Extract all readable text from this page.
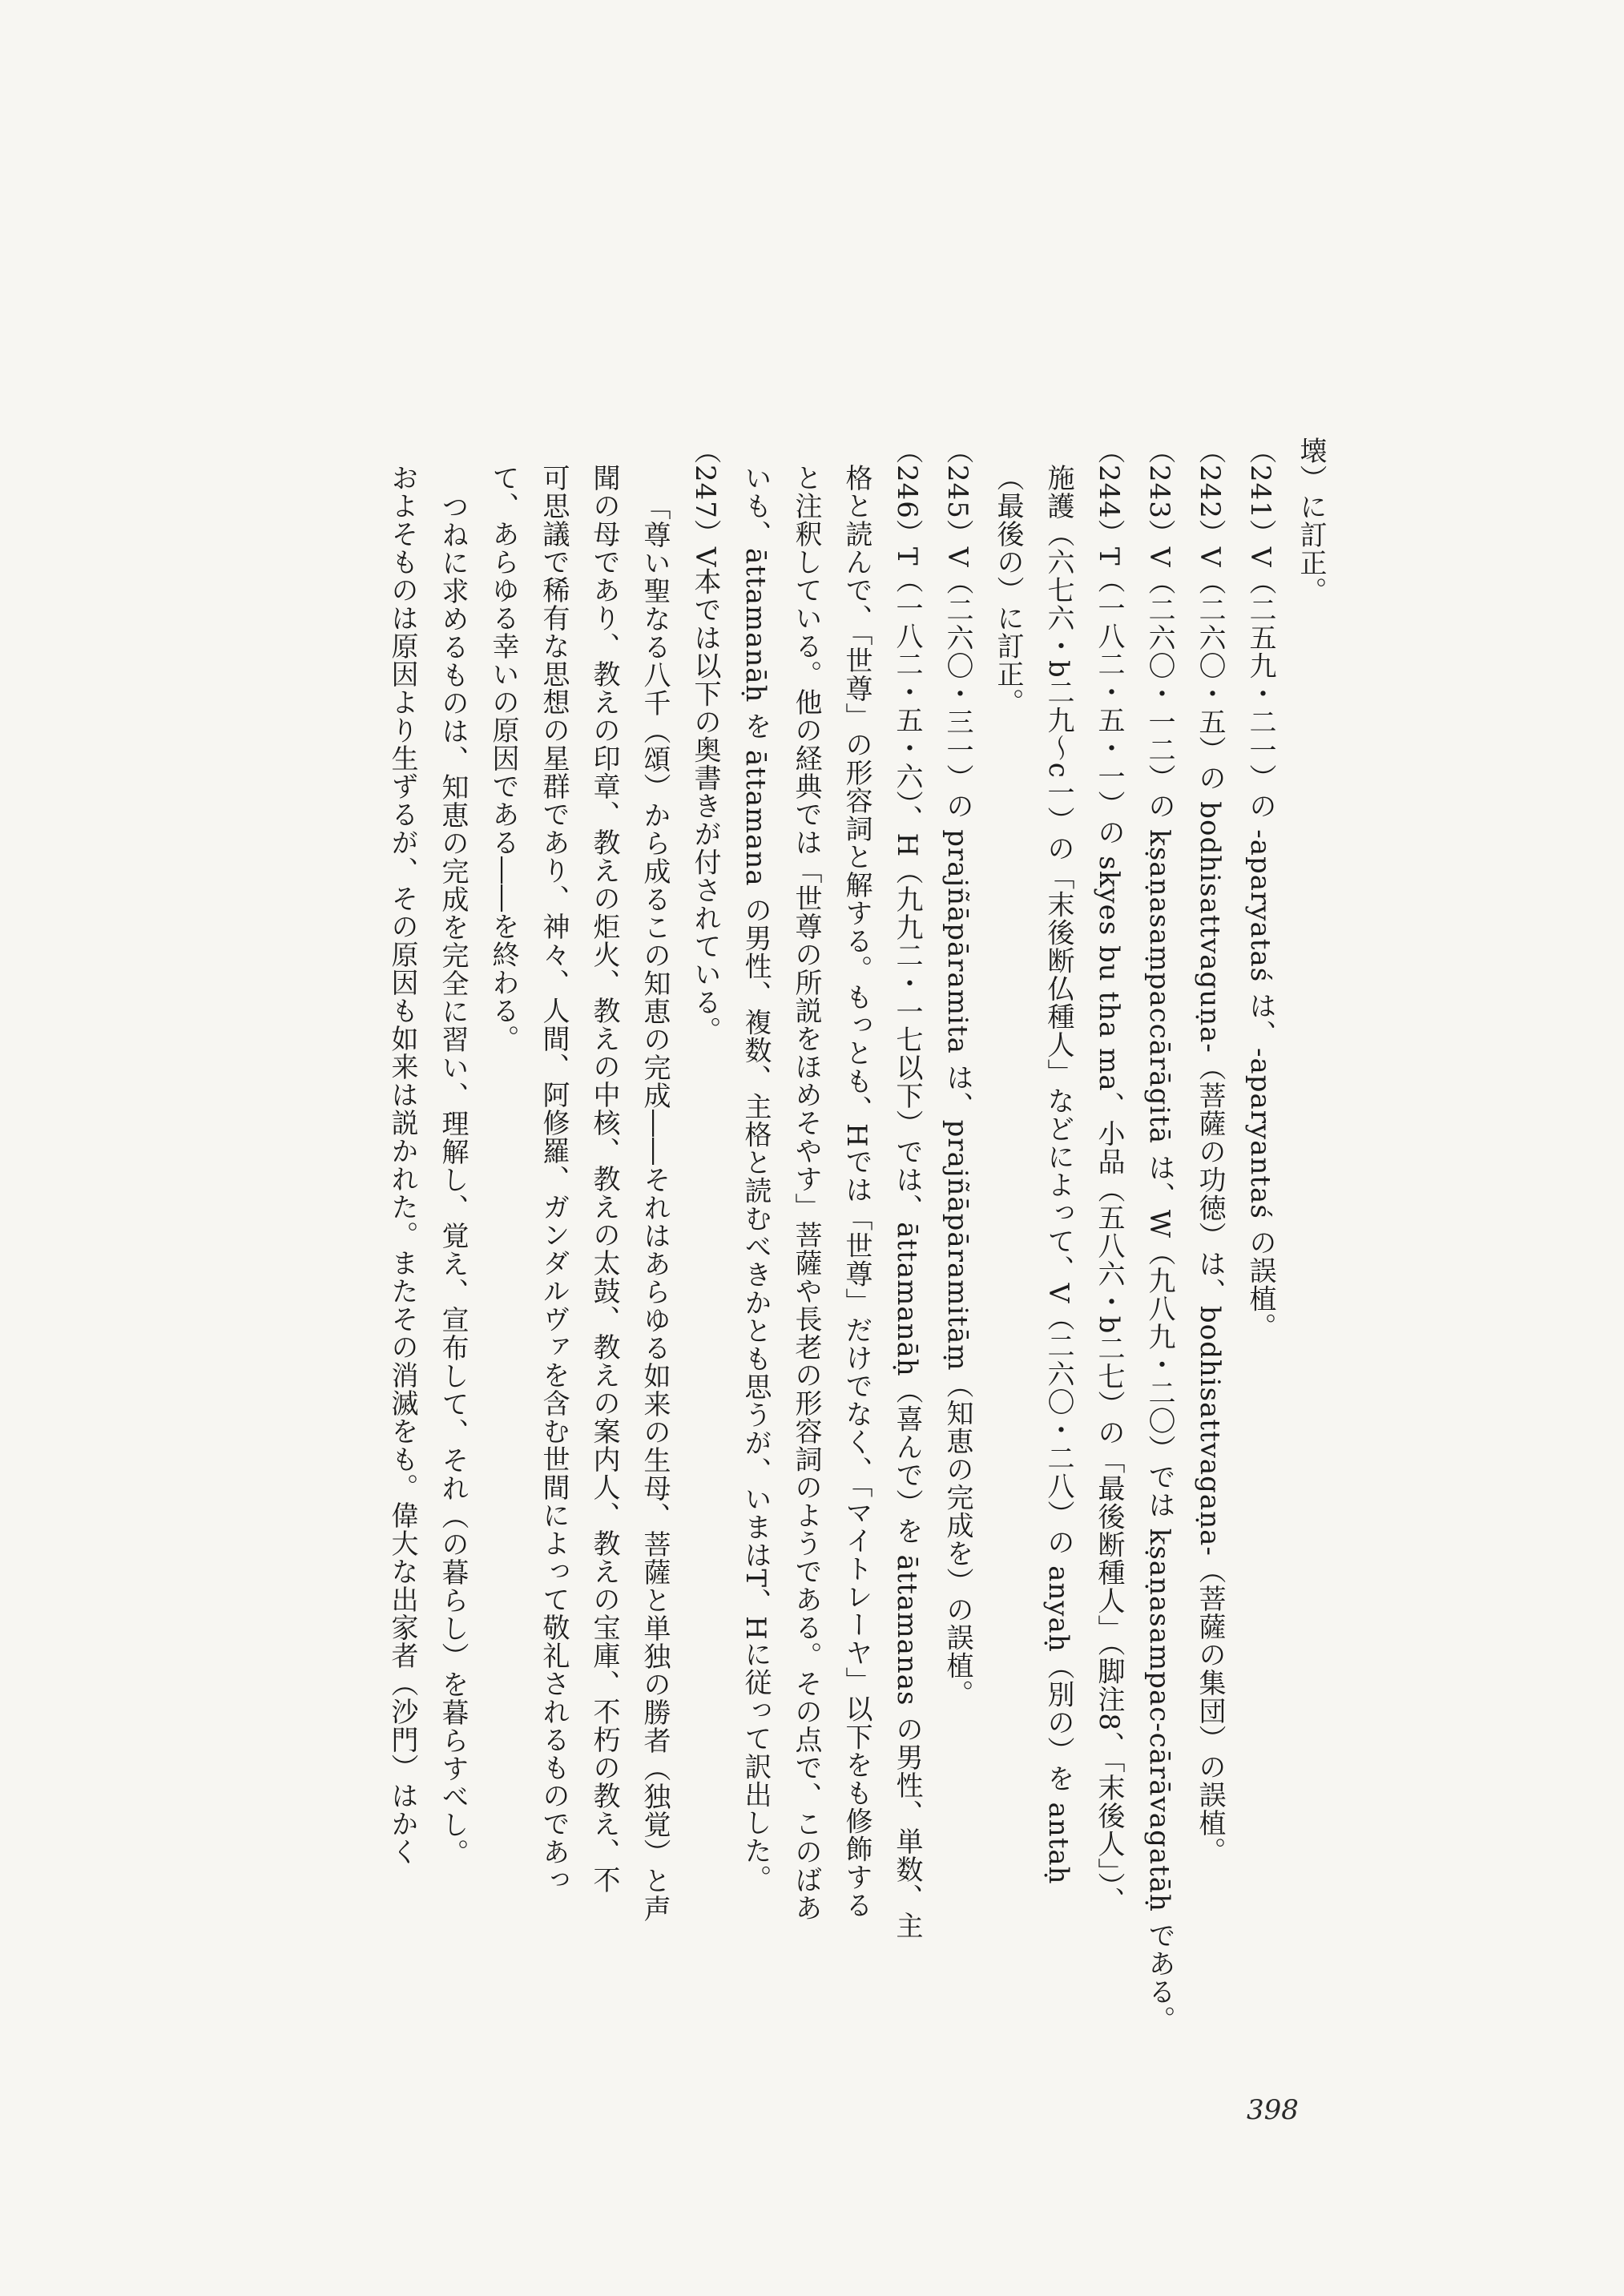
壊）に訂正。
（241）V（二五九・二一）の -aparyataś は、-aparyantaś の誤植。
（242）V（二六〇・五）の bodhisattvaguṇa-（菩薩の功徳）は、bodhisattvagaṇa-（菩薩の集団）の誤植。
（243）V（二六〇・一二）の kṣaṇasaṃpaccārāgitā は、W（九八九・二〇）では kṣaṇasampac-cārāvagatāḥ である。
（244）T（一八二・五・一）の skyes bu tha ma、小品（五八六・b二七）の「最後断種人」（脚注8、「末後人」）、
施護（六七六・b二九～c一）の「末後断仏種人」などによって、V（二六〇・二八）の anyaḥ（別の）を antaḥ
（最後の）に訂正。
（245）V（二六〇・三一）の prajñāpāramita は、prajñāpāramitāṃ（知恵の完成を）の誤植。
（246）T（一八二・五・六）、H（九九二・一七以下）では、āttamanāḥ（喜んで）を āttamanas の男性、単数、主
格と読んで、「世尊」の形容詞と解する。もっとも、Hでは「世尊」だけでなく、「マイトレーヤ」以下をも修飾する
と注釈している。他の経典では「世尊の所説をほめそやす」菩薩や長老の形容詞のようである。その点で、このばあ
いも、āttamanāḥ を āttamana の男性、複数、主格と読むべきかとも思うが、いまはT、Hに従って訳出した。
（247）V本では以下の奥書きが付されている。
「尊い聖なる八千（頌）から成るこの知恵の完成――それはあらゆる如来の生母、菩薩と単独の勝者（独覚）と声
聞の母であり、教えの印章、教えの炬火、教えの中核、教えの太鼓、教えの案内人、教えの宝庫、不朽の教え、不
可思議で稀有な思想の星群であり、神々、人間、阿修羅、ガンダルヴァを含む世間によって敬礼されるものであっ
て、あらゆる幸いの原因である――を終わる。
つねに求めるものは、知恵の完成を完全に習い、理解し、覚え、宣布して、それ（の暮らし）を暮らすべし。
およそものは原因より生ずるが、その原因も如来は説かれた。またその消滅をも。偉大な出家者（沙門）はかく
398
